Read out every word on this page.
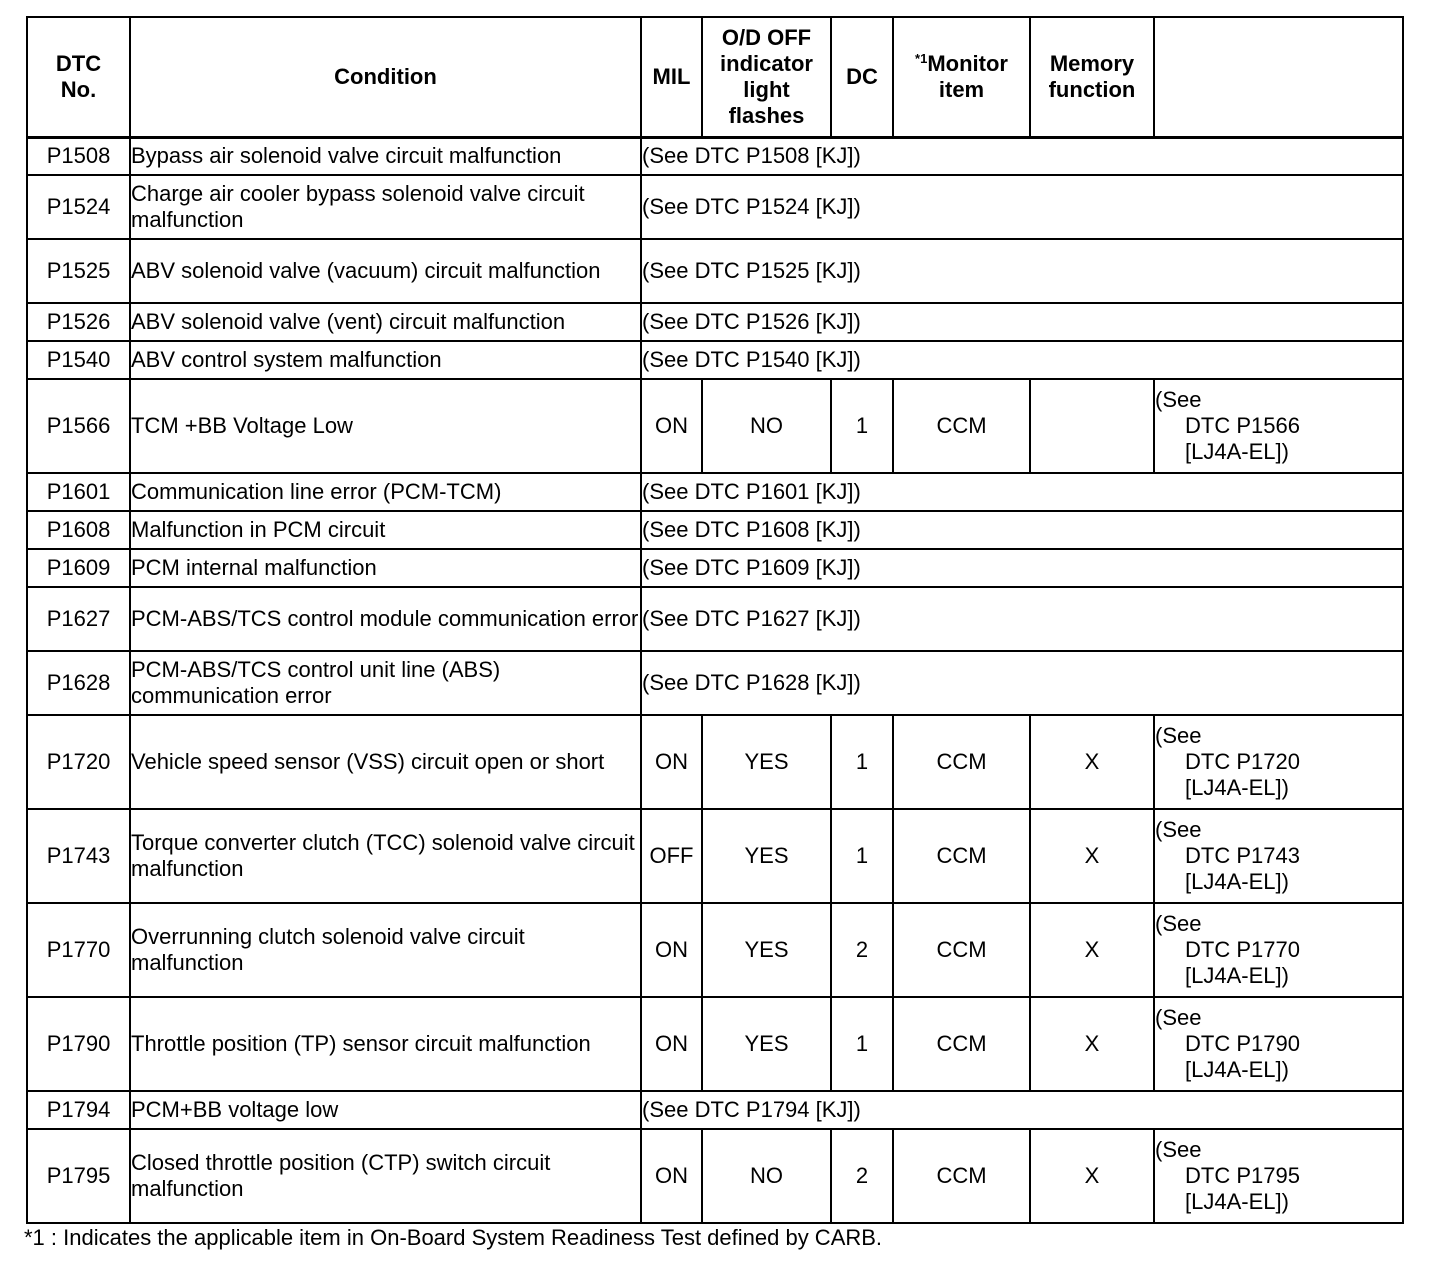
DTC No.	Condition	MIL	O/D OFF indicator light flashes	DC	$^{*1}$Monitor item	Memory function	
P1508	Bypass air solenoid valve circuit malfunction	(See DTC P1508 [KJ])					
P1524	Charge air cooler bypass solenoid valve circuit malfunction	(See DTC P1524 [KJ])					
P1525	ABV solenoid valve (vacuum) circuit malfunction	(See DTC P1525 [KJ])					
P1526	ABV solenoid valve (vent) circuit malfunction	(See DTC P1526 [KJ])					
P1540	ABV control system malfunction	(See DTC P1540 [KJ])					
P1566	TCM +BB Voltage Low	ON	NO	1	CCM		(See
DTC P1566
[LJ4A-EL])

P1601	Communication line error (PCM-TCM)	(See DTC P1601 [KJ])					
P1608	Malfunction in PCM circuit	(See DTC P1608 [KJ])					
P1609	PCM internal malfunction	(See DTC P1609 [KJ])					
P1627	PCM-ABS/TCS control module communication error	(See DTC P1627 [KJ])					
P1628	PCM-ABS/TCS control unit line (ABS) communication error	(See DTC P1628 [KJ])					
P1720	Vehicle speed sensor (VSS) circuit open or short	ON	YES	1	CCM	X	(See
DTC P1720
[LJ4A-EL])

P1743	Torque converter clutch (TCC) solenoid valve circuit malfunction	OFF	YES	1	CCM	X	(See
DTC P1743
[LJ4A-EL])

P1770	Overrunning clutch solenoid valve circuit malfunction	ON	YES	2	CCM	X	(See
DTC P1770
[LJ4A-EL])

P1790	Throttle position (TP) sensor circuit malfunction	ON	YES	1	CCM	X	(See
DTC P1790
[LJ4A-EL])

P1794	PCM+BB voltage low	(See DTC P1794 [KJ])					
P1795	Closed throttle position (CTP) switch circuit malfunction	ON	NO	2	CCM	X	(See
DTC P1795
[LJ4A-EL])
*1 : Indicates the applicable item in On-Board System Readiness Test defined by CARB.
